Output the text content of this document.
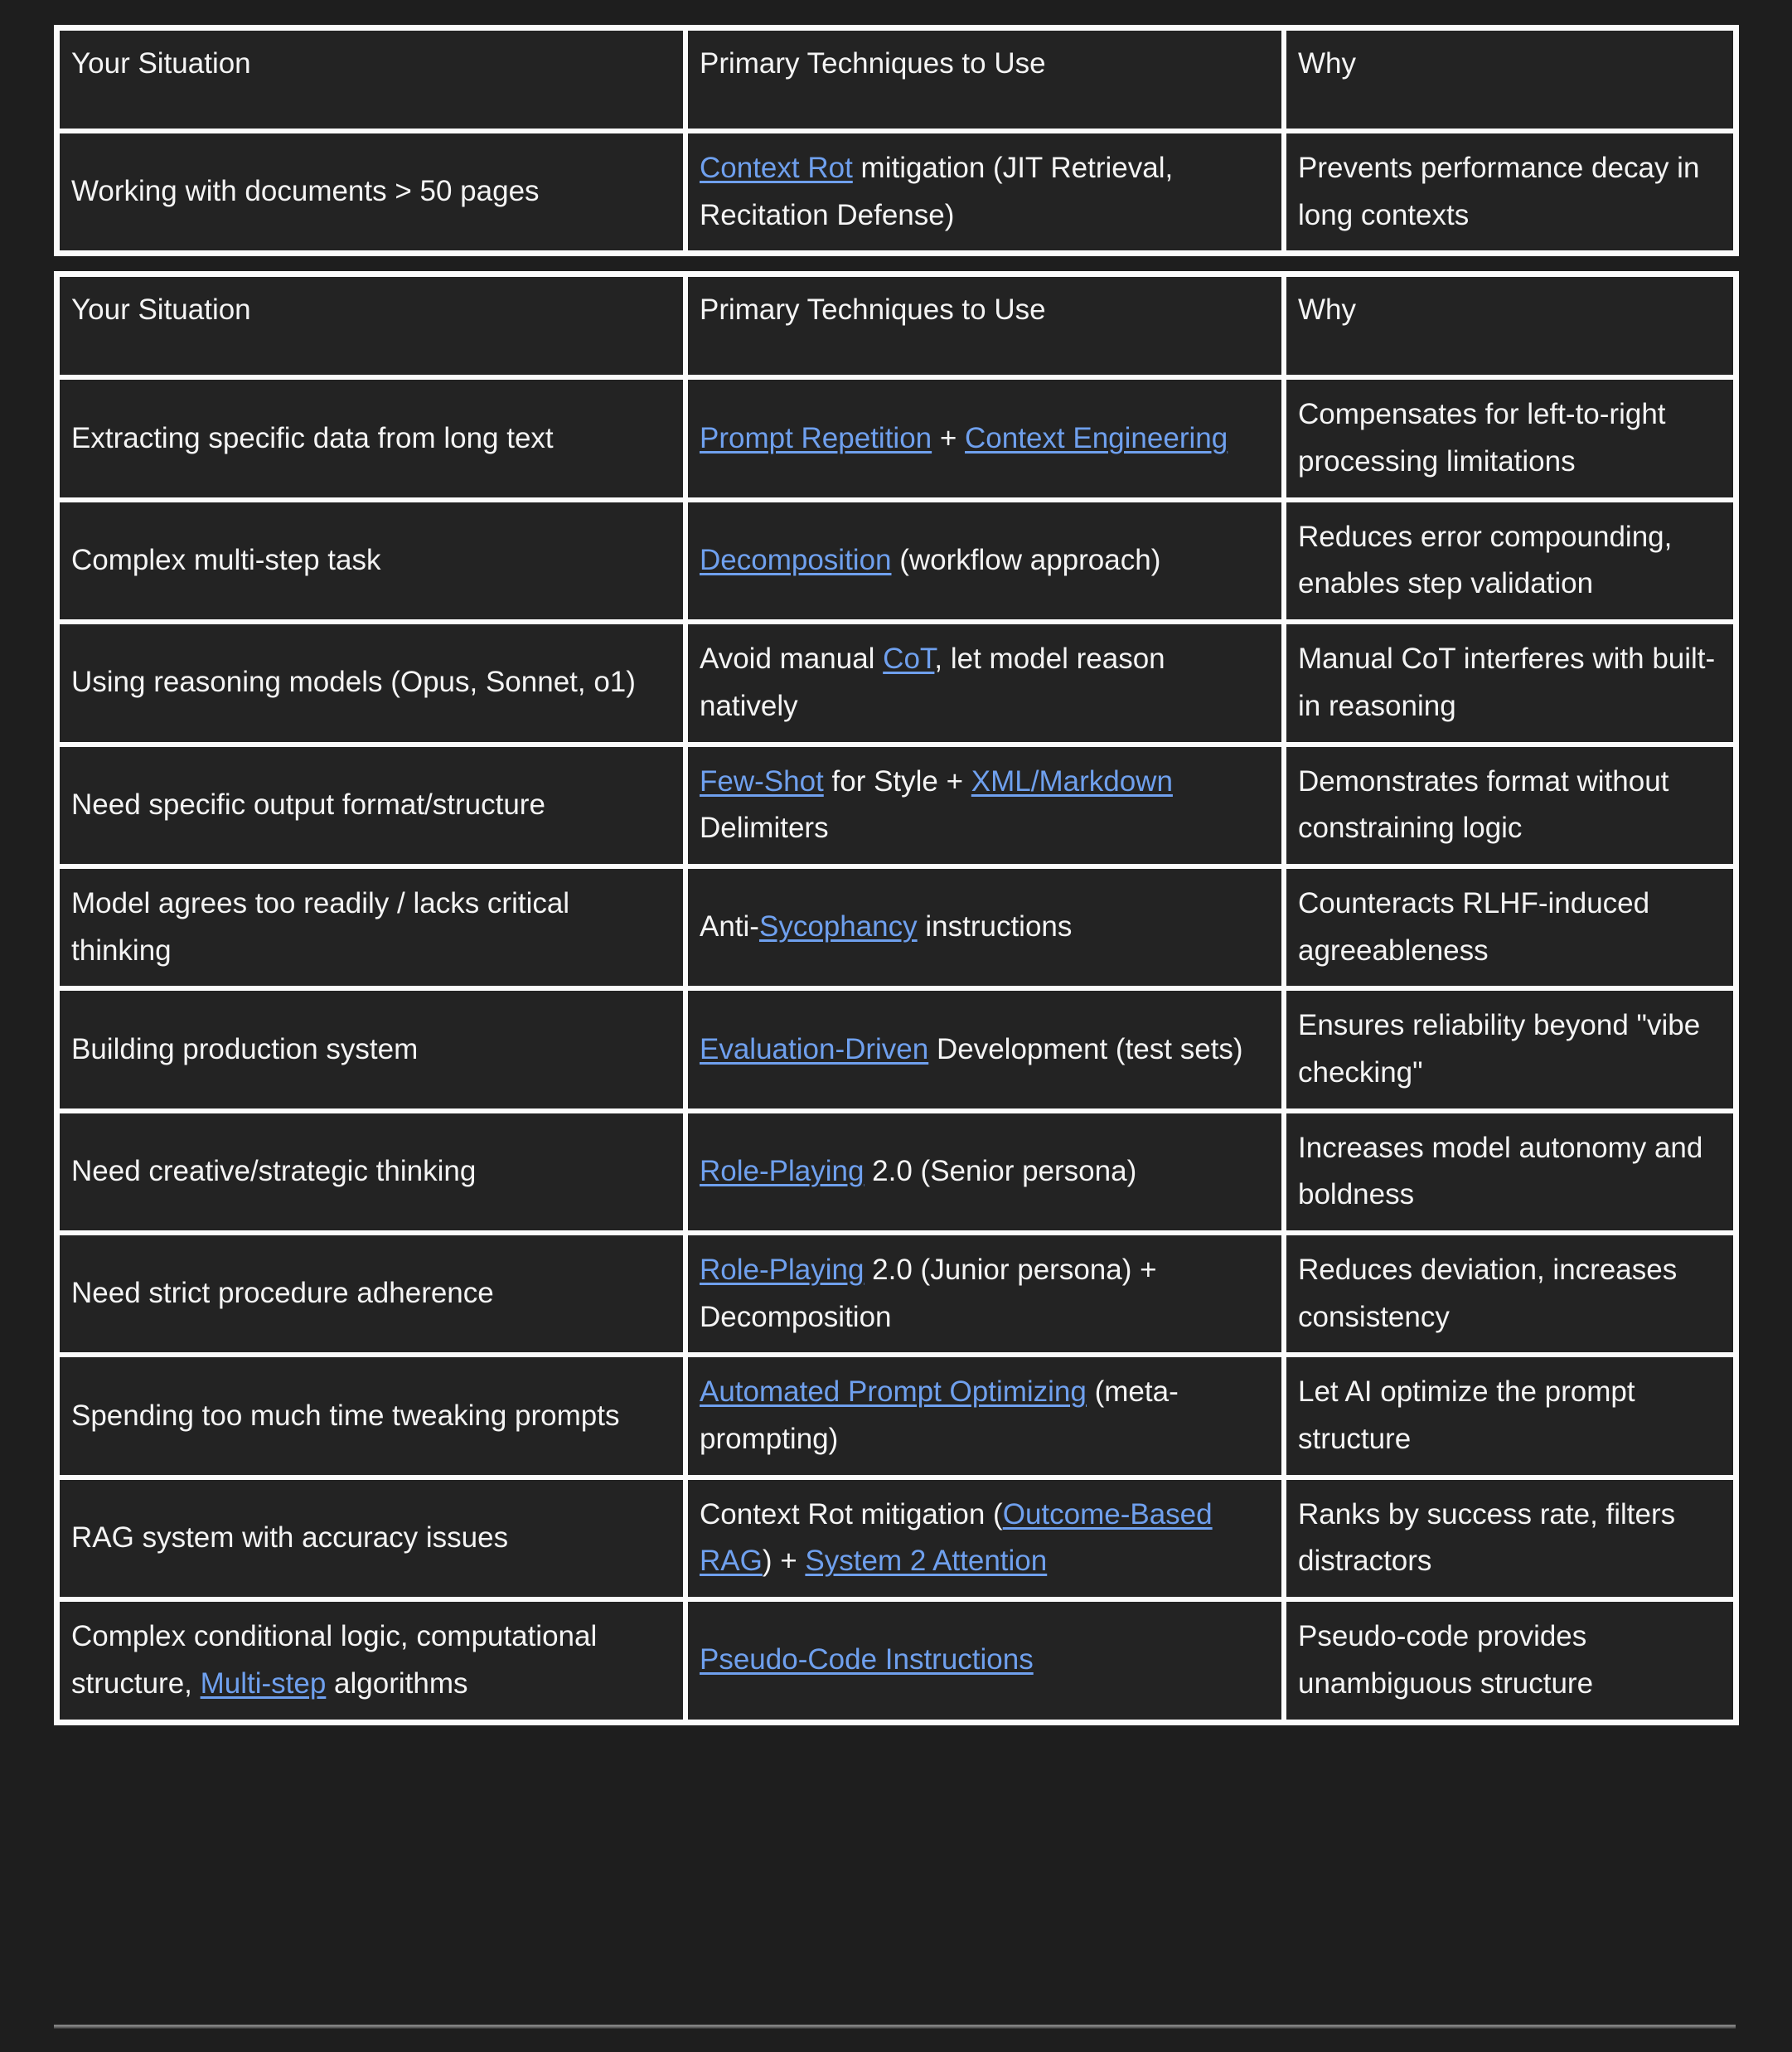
Your Situation	Primary Techniques to Use	Why

Working with documents > 50 pages	Context Rot mitigation (JIT Retrieval, Recitation Defense)	Prevents performance decay in long contexts
Your Situation	Primary Techniques to Use	Why

Extracting specific data from long text	Prompt Repetition + Context Engineering	Compensates for left-to-right processing limitations

Complex multi-step task	Decomposition (workflow approach)	Reduces error compounding, enables step validation

Using reasoning models (Opus, Sonnet, o1)	Avoid manual CoT, let model reason natively	Manual CoT interferes with built-in reasoning

Need specific output format/structure	Few-Shot for Style + XML/Markdown Delimiters	Demonstrates format without constraining logic

Model agrees too readily / lacks critical thinking	Anti-Sycophancy instructions	Counteracts RLHF-induced agreeableness

Building production system	Evaluation-Driven Development (test sets)	Ensures reliability beyond "vibe checking"

Need creative/strategic thinking	Role-Playing 2.0 (Senior persona)	Increases model autonomy and boldness

Need strict procedure adherence	Role-Playing 2.0 (Junior persona) + Decomposition	Reduces deviation, increases consistency

Spending too much time tweaking prompts	Automated Prompt Optimizing (meta-prompting)	Let AI optimize the prompt structure

RAG system with accuracy issues	Context Rot mitigation (Outcome-Based RAG) + System 2 Attention	Ranks by success rate, filters distractors

Complex conditional logic, computational structure, Multi-step algorithms	Pseudo-Code Instructions	Pseudo-code provides unambiguous structure
